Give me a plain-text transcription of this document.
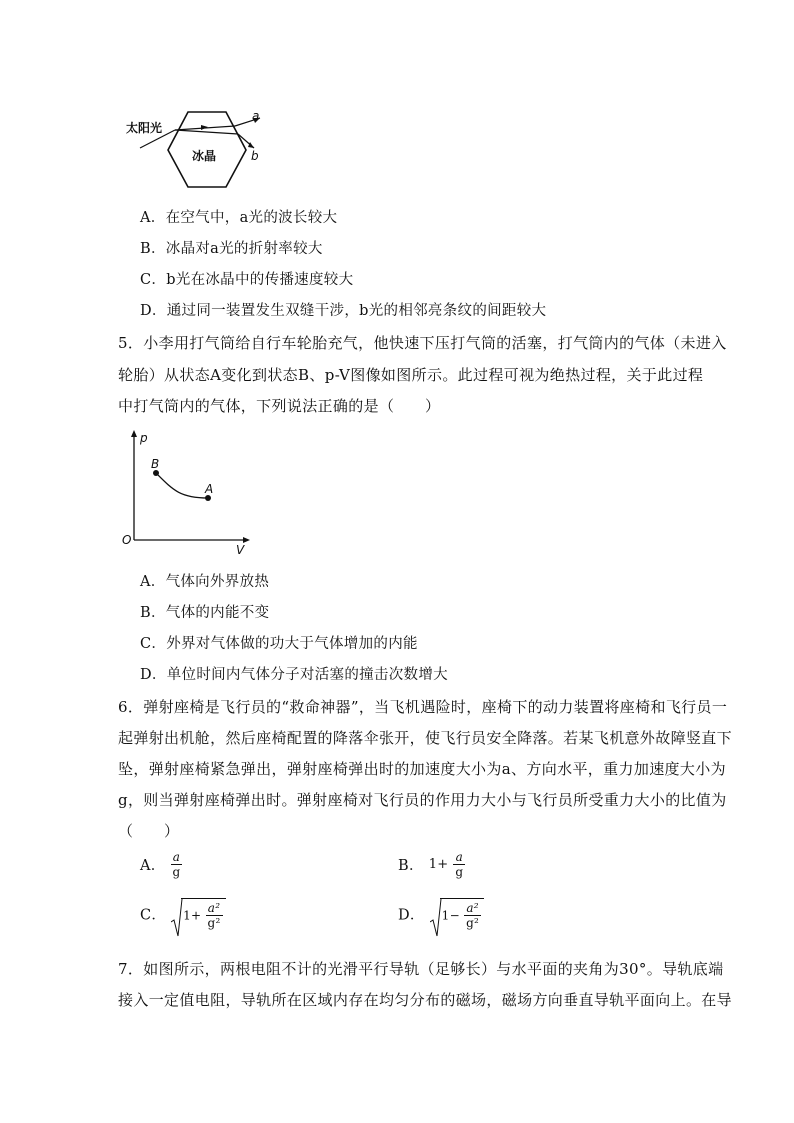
太阳光
冰晶
a
b
A．在空气中，a光的波长较大
B．冰晶对a光的折射率较大
C．b光在冰晶中的传播速度较大
D．通过同一装置发生双缝干涉，b光的相邻亮条纹的间距较大
5．小李用打气筒给自行车轮胎充气，他快速下压打气筒的活塞，打气筒内的气体（未进入
轮胎）从状态A变化到状态B、p-V图像如图所示。此过程可视为绝热过程，关于此过程
中打气筒内的气体，下列说法正确的是（　　）
p
V
O
B
A
A．气体向外界放热
B．气体的内能不变
C．外界对气体做的功大于气体增加的内能
D．单位时间内气体分子对活塞的撞击次数增大
6．弹射座椅是飞行员的“救命神器”，当飞机遇险时，座椅下的动力装置将座椅和飞行员一
起弹射出机舱，然后座椅配置的降落伞张开，使飞行员安全降落。若某飞机意外故障竖直下
坠，弹射座椅紧急弹出，弹射座椅弹出时的加速度大小为a、方向水平，重力加速度大小为
g，则当弹射座椅弹出时。弹射座椅对飞行员的作用力大小与飞行员所受重力大小的比值为
（　　）
A． $\frac{a}{g}$	B． $1+ \frac{a}{g}$
C． $1+ \frac{\text{a²}}{\text{g²}}$	D． $1- \frac{\text{a²}}{\text{g²}}$
7．如图所示，两根电阻不计的光滑平行导轨（足够长）与水平面的夹角为30°。导轨底端
接入一定值电阻，导轨所在区域内存在均匀分布的磁场，磁场方向垂直导轨平面向上。在导
